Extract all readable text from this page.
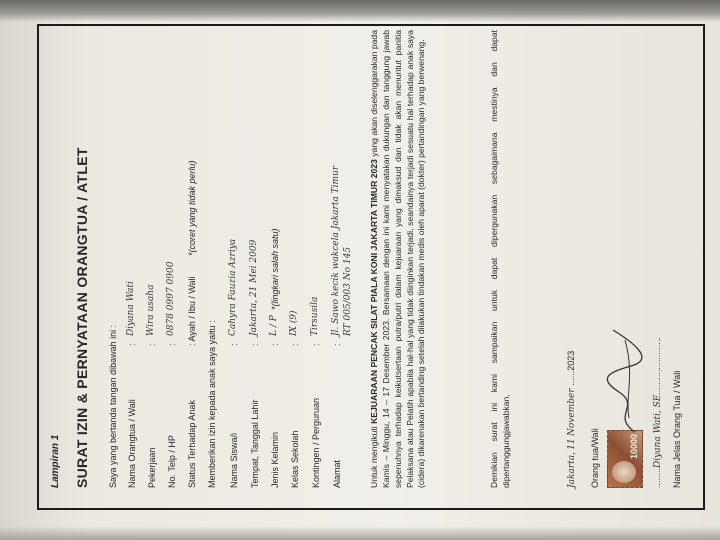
Lampiran 1 SURAT IZIN & PERNYATAAN ORANGTUA / ATLET Saya yang bertanda tangan dibawah ini : Nama Orangtua / Wali
:
Diyana Wati
Pekerjaan
:
Wira usaha
No. Telp / HP
:
0878 0997 0900
Status Terhadap Anak
: Ayah / Ibu / Wali
*(coret yang tidak perlu)
Memberikan izin kepada anak saya yaitu : Nama Siswa/i
:
Cahyra Fauzia Azriya
Tempat, Tanggal Lahir
:
Jakarta, 21 Mei 2009
Jenis Kelamin
:
L / P
*(lingkari salah satu)
Kelas Sekolah
:
IX (9)
Kontingen / Perguruan
:
Tirsusila
Alamat
:
Jl. Sawo kecik wakcela Jakarta Timur RT 005/003 No 145
Untuk mengikuti KEJUARAAN PENCAK SILAT PIALA KONI JAKARTA TIMUR 2023 yang akan diselenggarakan pada Kamis – Minggu, 14 – 17 Desember 2023. Bersamaan dengan ini kami menyatakan dukungan dan tanggung jawab sepenuhnya terhadap keikutsertaan putra/putri dalam kejuaraan yang dimaksud dan tidak akan menuntut panitia Pelaksana atau Pelatih apabila hal-hal yang tidak diinginkan terjadi, seandainya terjadi sesuatu hal terhadap anak saya (cidera) dikarenakan bertanding setelah dilakukan tindakan medis oleh aparat (dokter) pertandingan yang berwenang.	Demikian surat ini kami sampaikan untuk dapat dipergunakan sebagaimana mestinya dan dapat dipertanggungjawabkan.	Jakarta, 11 November ......2023
Orang tua/Wali	10000
........Diyana Wati, SE.......................
Nama Jelas Orang Tua / Wali
